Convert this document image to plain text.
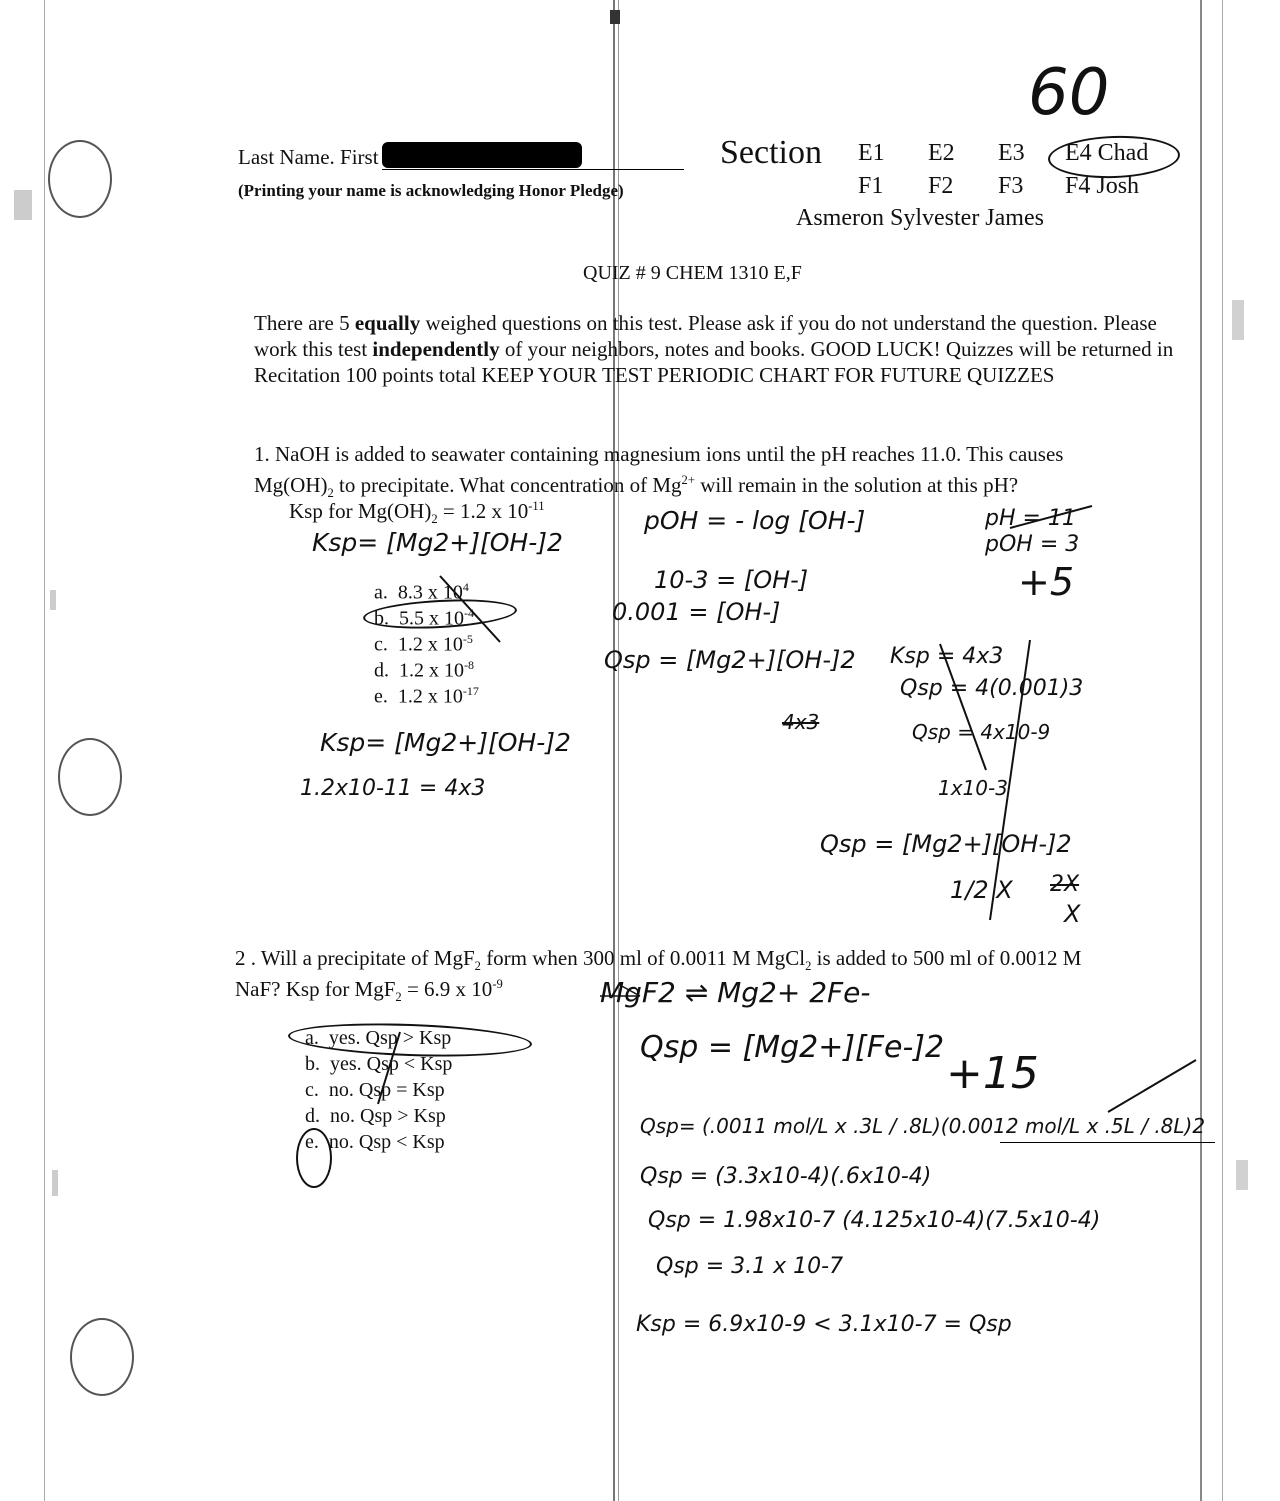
60
Last Name. First
(Printing your name is acknowledging Honor Pledge)
Section E1 E2 E3 E4 Chad
F1 F2 F3 F4 Josh
Asmeron Sylvester James
QUIZ # 9 CHEM 1310 E,F
There are 5 equally weighed questions on this test. Please ask if you do not understand the question. Please work this test independently of your neighbors, notes and books. GOOD LUCK! Quizzes will be returned in Recitation 100 points total KEEP YOUR TEST PERIODIC CHART FOR FUTURE QUIZZES
1. NaOH is added to seawater containing magnesium ions until the pH reaches 11.0. This causes
$Mg(OH)_2$ to precipitate. What concentration of $Mg^{2+}$ will remain in the solution at this pH?
Ksp for $Mg(OH)_2 = 1.2$ x $10^{-11}$
a. 8.3 x $10^4$
b. 5.5 x $10^{-4}$
c. 1.2 x $10^{-5}$
d. 1.2 x $10^{-8}$
e. 1.2 x $10^{-17}$
Ksp= [Mg2+][OH-]2
pOH = - log [OH-]	pH = 11
pOH = 3
+5
10-3 = [OH-]
0.001 = [OH-]
Qsp = [Mg2+][OH-]2 Ksp = 4x3
Qsp = 4(0.001)3
Qsp = 4x10-9
4x3
Ksp= [Mg2+][OH-]2
1.2x10-11 = 4x3	1x10-3
Qsp = [Mg2+][OH-]2
1/2 X 2X
X
2 . Will a precipitate of MgF$_2$ form when 300 ml of 0.0011 M MgCl$_2$ is added to 500 ml of 0.0012 M
NaF? Ksp for MgF$_2$ = 6.9 x $10^{-9}$
a. yes. Qsp > Ksp
b. yes. Qsp < Ksp
c. no. Qsp = Ksp
d. no. Qsp > Ksp
e. no. Qsp < Ksp
MgF2 ⇌ Mg2+ 2Fe-
Qsp = [Mg2+][Fe-]2
+15
Qsp= (.0011 mol/L x .3L / .8L)(0.0012 mol/L x .5L / .8L)2
Qsp = (3.3x10-4)(.6x10-4)
Qsp = 1.98x10-7 (4.125x10-4)(7.5x10-4)
Qsp = 3.1 x 10-7
Ksp = 6.9x10-9 < 3.1x10-7 = Qsp
